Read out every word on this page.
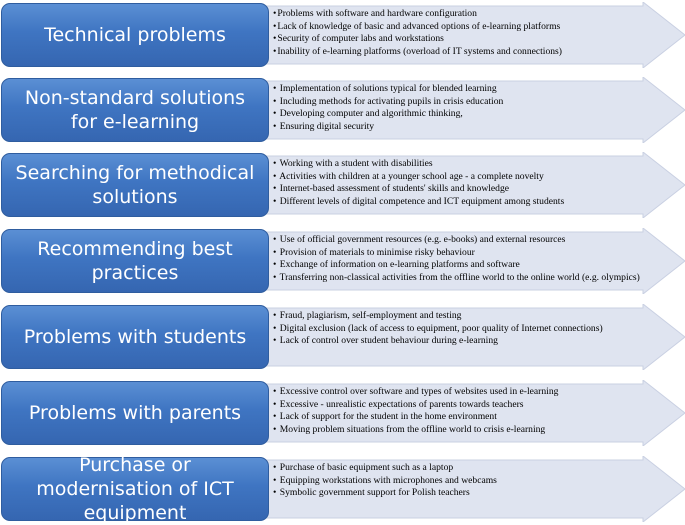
Technical problems
• Problems with software and hardware configuration
• Lack of knowledge of basic and advanced options of e-learning platforms
• Security of computer labs and workstations
• Inability of e-learning platforms (overload of IT systems and connections)
Non-standard solutions for e-learning
• Implementation of solutions typical for blended learning
• Including methods for activating pupils in crisis education
• Developing computer and algorithmic thinking,
• Ensuring digital security
Searching for methodical solutions
• Working with a student with disabilities
• Activities with children at a younger school age - a complete novelty
• Internet-based assessment of students' skills and knowledge
• Different levels of digital competence and ICT equipment among students
Recommending best practices
• Use of official government resources (e.g. e-books) and external resources
• Provision of materials to minimise risky behaviour
• Exchange of information on e-learning platforms and software
• Transferring non-classical activities from the offline world to the online world (e.g. olympics)
Problems with students
• Fraud, plagiarism, self-employment and testing
• Digital exclusion (lack of access to equipment, poor quality of Internet connections)
• Lack of control over student behaviour during e-learning
Problems with parents
• Excessive control over software and types of websites used in e-learning
• Excessive - unrealistic expectations of parents towards teachers
• Lack of support for the student in the home environment
• Moving problem situations from the offline world to crisis e-learning
Purchase or modernisation of ICT equipment
• Purchase of basic equipment such as a laptop
• Equipping workstations with microphones and webcams
• Symbolic government support for Polish teachers
